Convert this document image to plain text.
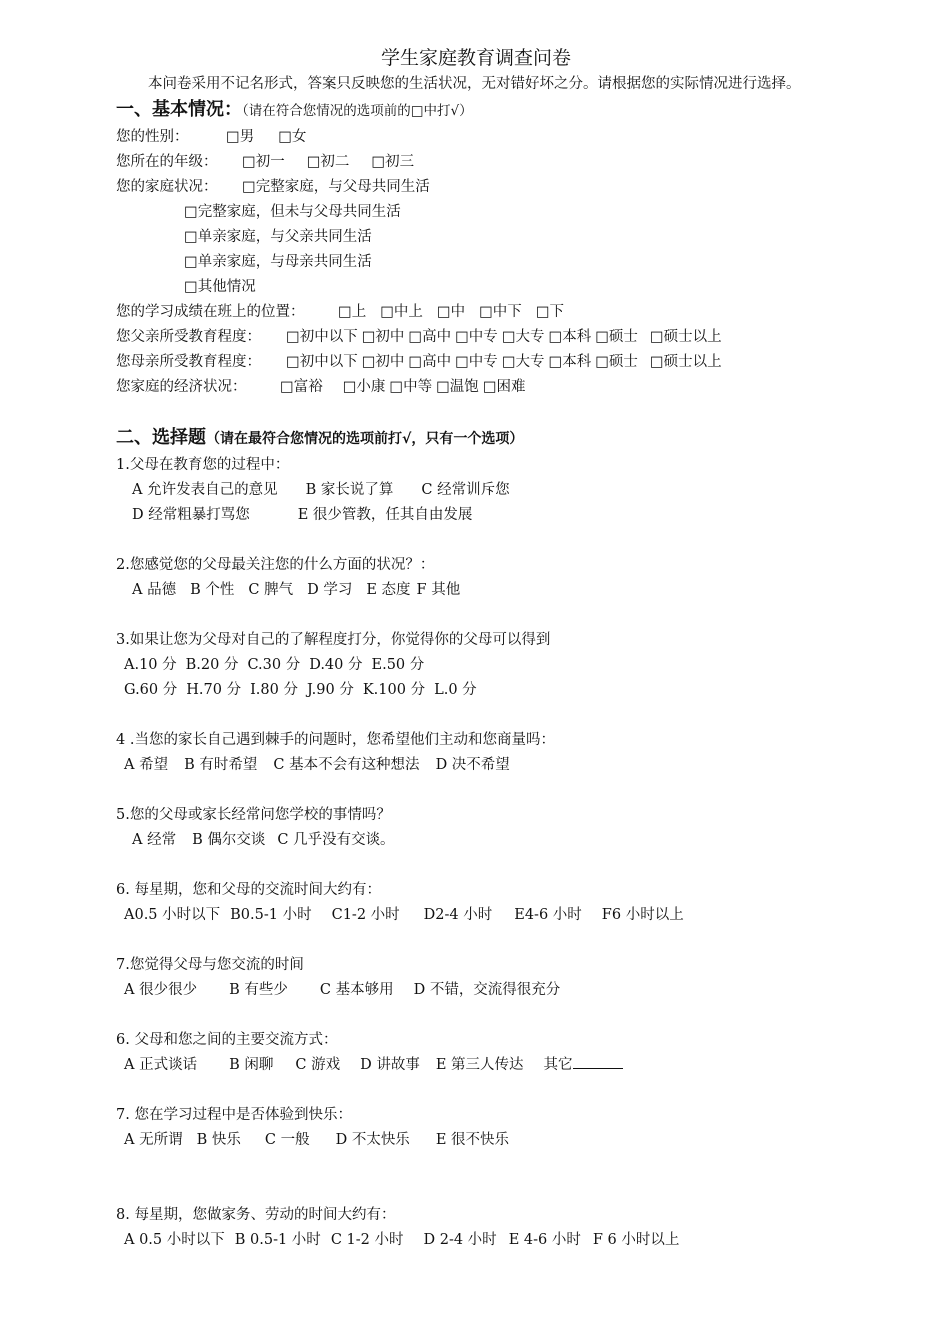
学生家庭教育调查问卷

本问卷采用不记名形式，答案只反映您的生活状况，无对错好坏之分。请根据您的实际情况进行选择。

一、基本情况：（请在符合您情况的选项前的□中打√）
您的性别：	□男 □女
您所在的年级： □初一 □初二 □初三
您的家庭状况： □完整家庭，与父母共同生活
□完整家庭，但未与父母共同生活
□单亲家庭，与父亲共同生活
□单亲家庭，与母亲共同生活
□其他情况
您的学习成绩在班上的位置： □上 □中上 □中 □中下 □下
您父亲所受教育程度： □初中以下 □初中 □高中 □中专 □大专 □本科 □硕士 □硕士以上
您母亲所受教育程度： □初中以下 □初中 □高中 □中专 □大专 □本科 □硕士 □硕士以上
您家庭的经济状况： □富裕 □小康 □中等 □温饱 □困难
二、选择题（请在最符合您情况的选项前打√，只有一个选项）
1.父母在教育您的过程中：
A 允许发表自己的意见 B 家长说了算 C 经常训斥您
D 经常粗暴打骂您	E 很少管教，任其自由发展
2.您感觉您的父母最关注您的什么方面的状况？：
A 品德 B 个性 C 脾气 D 学习 E 态度 F 其他
3.如果让您为父母对自己的了解程度打分，你觉得你的父母可以得到
A.10 分 B.20 分 C.30 分 D.40 分 E.50 分
G.60 分 H.70 分 I.80 分 J.90 分 K.100 分 L.0 分
4 .当您的家长自己遇到棘手的问题时，您希望他们主动和您商量吗：
A 希望 B 有时希望 C 基本不会有这种想法 D 决不希望
5.您的父母或家长经常问您学校的事情吗？
A 经常 B 偶尔交谈 C 几乎没有交谈。
6. 每星期，您和父母的交流时间大约有：
A0.5 小时以下 B0.5-1 小时 C1-2 小时 D2-4 小时 E4-6 小时 F6 小时以上
7.您觉得父母与您交流的时间
A 很少很少 B 有些少 C 基本够用 D 不错，交流得很充分
6. 父母和您之间的主要交流方式：
A 正式谈话 B 闲聊 C 游戏 D 讲故事 E 第三人传达 其它
7. 您在学习过程中是否体验到快乐：
A 无所谓 B 快乐 C 一般 D 不太快乐 E 很不快乐
8. 每星期，您做家务、劳动的时间大约有：
A 0.5 小时以下 B 0.5-1 小时 C 1-2 小时 D 2-4 小时 E 4-6 小时 F 6 小时以上
